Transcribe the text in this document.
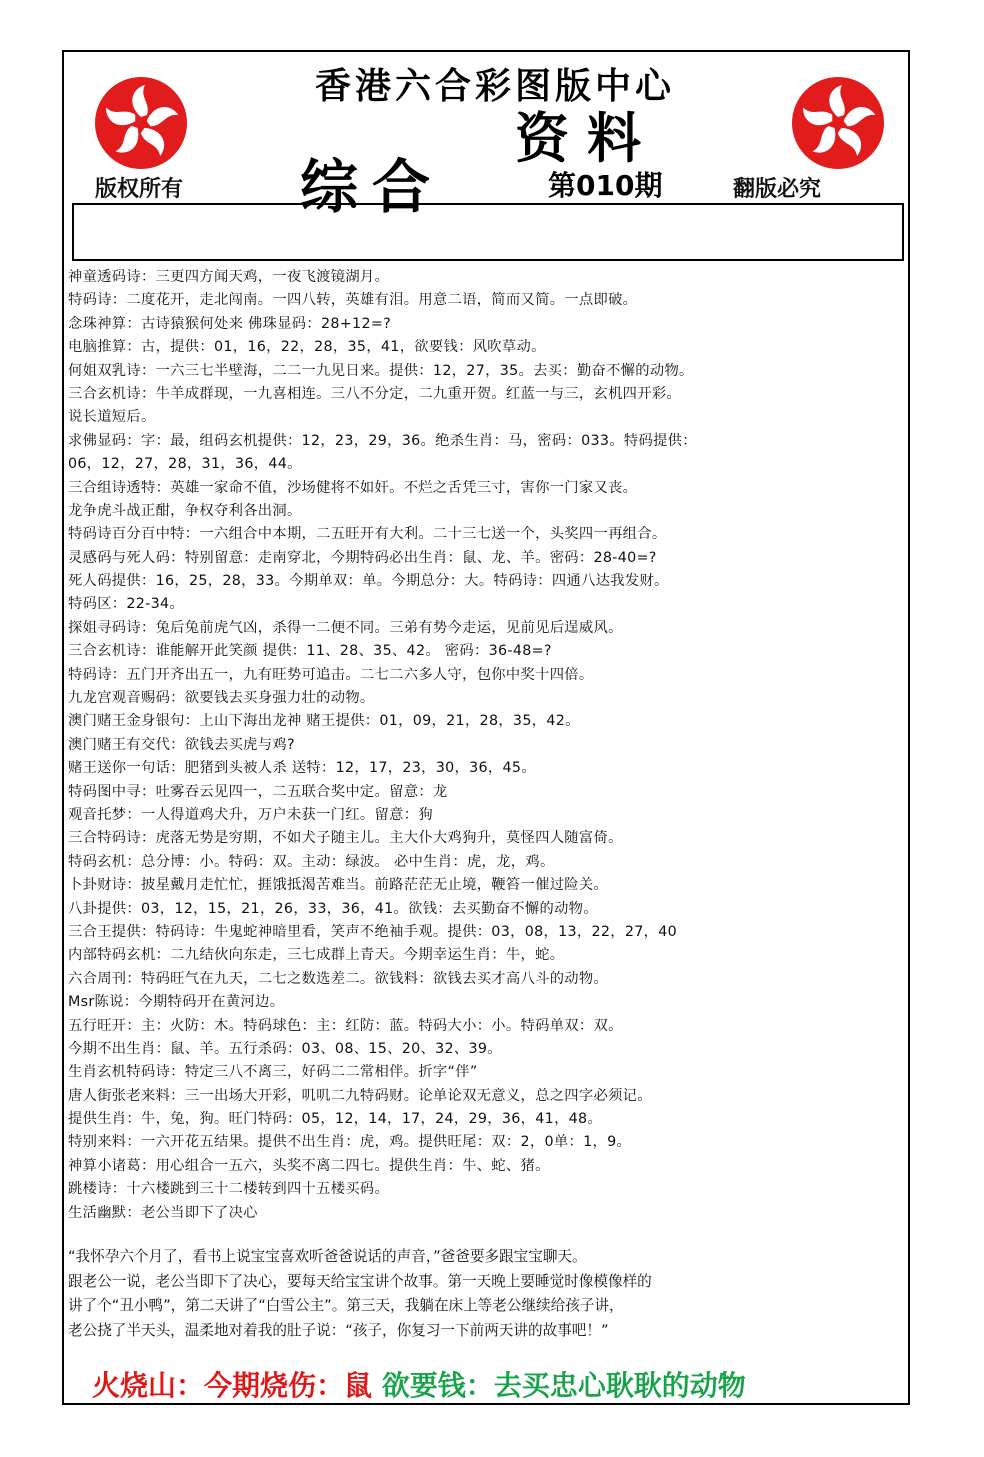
香港六合彩图版中心
资料
综合	第010期
版权所有	翻版必究
神童透码诗：三更四方闻天鸡，一夜飞渡镜湖月。
特码诗：二度花开，走北闯南。一四八转，英雄有泪。用意二语，简而又简。一点即破。
念珠神算：古诗猿猴何处来 佛珠显码：28+12=?
电脑推算：古，提供：01，16，22，28，35，41，欲要钱：风吹草动。
何姐双乳诗：一六三七半壁海，二二一九见日来。提供：12，27，35。去买：勤奋不懈的动物。
三合玄机诗：牛羊成群现，一九喜相连。三八不分定，二九重开贺。红蓝一与三，玄机四开彩。
说长道短后。
求佛显码：字：最，组码玄机提供：12，23，29，36。绝杀生肖：马，密码：033。特码提供：
06，12，27，28，31，36，44。
三合组诗透特：英雄一家命不值，沙场健将不如奸。不烂之舌凭三寸，害你一门家又丧。
龙争虎斗战正酣，争权夺利各出洞。
特码诗百分百中特：一六组合中本期，二五旺开有大利。二十三七送一个，头奖四一再组合。
灵感码与死人码：特别留意：走南穿北，今期特码必出生肖：鼠、龙、羊。密码：28-40=?
死人码提供：16，25，28，33。今期单双：单。今期总分：大。特码诗：四通八达我发财。
特码区：22-34。
探姐寻码诗：兔后兔前虎气凶，杀得一二便不同。三弟有势今走运，见前见后逞威风。
三合玄机诗：谁能解开此笑颜 提供：11、28、35、42。 密码：36-48=?
特码诗：五门开齐出五一，九有旺势可追击。二七二六多人守，包你中奖十四倍。
九龙宫观音赐码：欲要钱去买身强力壮的动物。
澳门赌王金身银句：上山下海出龙神 赌王提供：01，09，21，28，35，42。
澳门赌王有交代：欲钱去买虎与鸡?
赌王送你一句话：肥猪到头被人杀 送特：12，17，23，30，36，45。
特码图中寻：吐雾吞云见四一，二五联合奖中定。留意：龙
观音托梦：一人得道鸡犬升，万户未获一门红。留意：狗
三合特码诗：虎落无势是穷期，不如犬子随主儿。主大仆大鸡狗升，莫怪四人随富倚。
特码玄机：总分博：小。特码：双。主动：绿波。 必中生肖：虎，龙，鸡。
卜卦财诗：披星戴月走忙忙，捱饿抵渴苦难当。前路茫茫无止境，鞭笞一催过险关。
八卦提供：03，12，15，21，26，33，36，41。欲钱：去买勤奋不懈的动物。
三合王提供：特码诗：牛鬼蛇神暗里看，笑声不绝袖手观。提供：03，08，13，22，27，40
内部特码玄机：二九结伙向东走，三七成群上青天。今期幸运生肖：牛，蛇。
六合周刊：特码旺气在九天，二七之数选差二。欲钱料：欲钱去买才高八斗的动物。
Msr陈说：今期特码开在黄河边。
五行旺开：主：火防：木。特码球色：主：红防：蓝。特码大小：小。特码单双：双。
今期不出生肖：鼠、羊。五行杀码：03、08、15、20、32、39。
生肖玄机特码诗：特定三八不离三，好码二二常相伴。折字“伴”
唐人街张老来料：三一出场大开彩，叽叽二九特码财。论单论双无意义，总之四字必须记。
提供生肖：牛，兔，狗。旺门特码：05，12，14，17，24，29，36，41，48。
特别来料：一六开花五结果。提供不出生肖：虎，鸡。提供旺尾：双：2，0单：1，9。
神算小诸葛：用心组合一五六，头奖不离二四七。提供生肖：牛、蛇、猪。
跳楼诗：十六楼跳到三十二楼转到四十五楼买码。
生活幽默：老公当即下了决心
“我怀孕六个月了，看书上说宝宝喜欢听爸爸说话的声音，”爸爸要多跟宝宝聊天。
跟老公一说，老公当即下了决心，要每天给宝宝讲个故事。第一天晚上要睡觉时像模像样的
讲了个“丑小鸭”，第二天讲了“白雪公主”。第三天，我躺在床上等老公继续给孩子讲，
老公挠了半天头，温柔地对着我的肚子说：“孩子，你复习一下前两天讲的故事吧！”
火烧山：今期烧伤：鼠 欲要钱：去买忠心耿耿的动物
